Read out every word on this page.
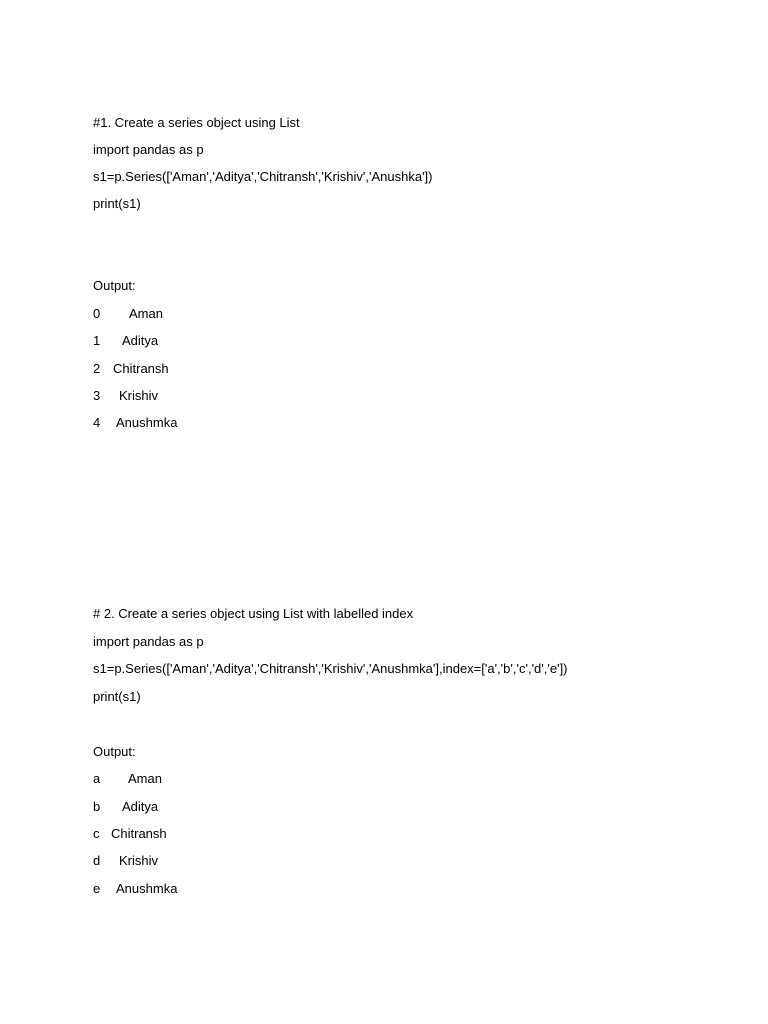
#1. Create a series object using List
import pandas as p
s1=p.Series(['Aman','Aditya','Chitransh','Krishiv','Anushka'])
print(s1)
Output:

0

Aman

1

Aditya

2

Chitransh

3

Krishiv

4

Anushmka

# 2. Create a series object using List with labelled index
import pandas as p
s1=p.Series(['Aman','Aditya','Chitransh','Krishiv','Anushmka'],index=['a','b','c','d','e'])
print(s1)
Output:

a

Aman

b

Aditya

c

Chitransh

d

Krishiv

e

Anushmka
